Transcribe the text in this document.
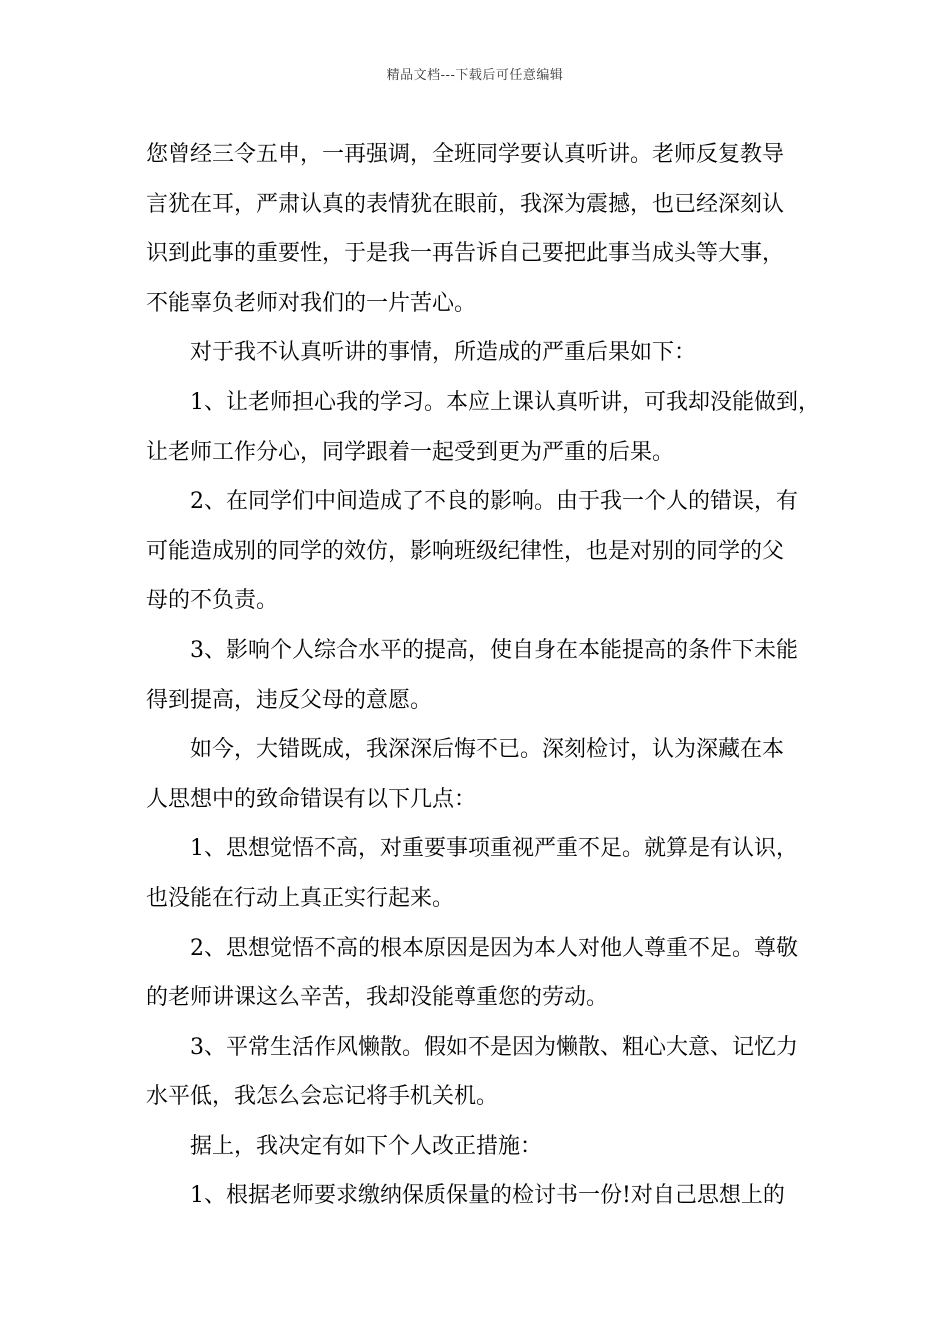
精品文档---下载后可任意编辑
您曾经三令五申，一再强调，全班同学要认真听讲。老师反复教导
言犹在耳，严肃认真的表情犹在眼前，我深为震撼，也已经深刻认
识到此事的重要性，于是我一再告诉自己要把此事当成头等大事，
不能辜负老师对我们的一片苦心。
对于我不认真听讲的事情，所造成的严重后果如下：
1、让老师担心我的学习。本应上课认真听讲，可我却没能做到，
让老师工作分心，同学跟着一起受到更为严重的后果。
2、在同学们中间造成了不良的影响。由于我一个人的错误，有
可能造成别的同学的效仿，影响班级纪律性，也是对别的同学的父
母的不负责。
3、影响个人综合水平的提高，使自身在本能提高的条件下未能
得到提高，违反父母的意愿。
如今，大错既成，我深深后悔不已。深刻检讨，认为深藏在本
人思想中的致命错误有以下几点：
1、思想觉悟不高，对重要事项重视严重不足。就算是有认识，
也没能在行动上真正实行起来。
2、思想觉悟不高的根本原因是因为本人对他人尊重不足。尊敬
的老师讲课这么辛苦，我却没能尊重您的劳动。
3、平常生活作风懒散。假如不是因为懒散、粗心大意、记忆力
水平低，我怎么会忘记将手机关机。
据上，我决定有如下个人改正措施：
1、根据老师要求缴纳保质保量的检讨书一份!对自己思想上的
